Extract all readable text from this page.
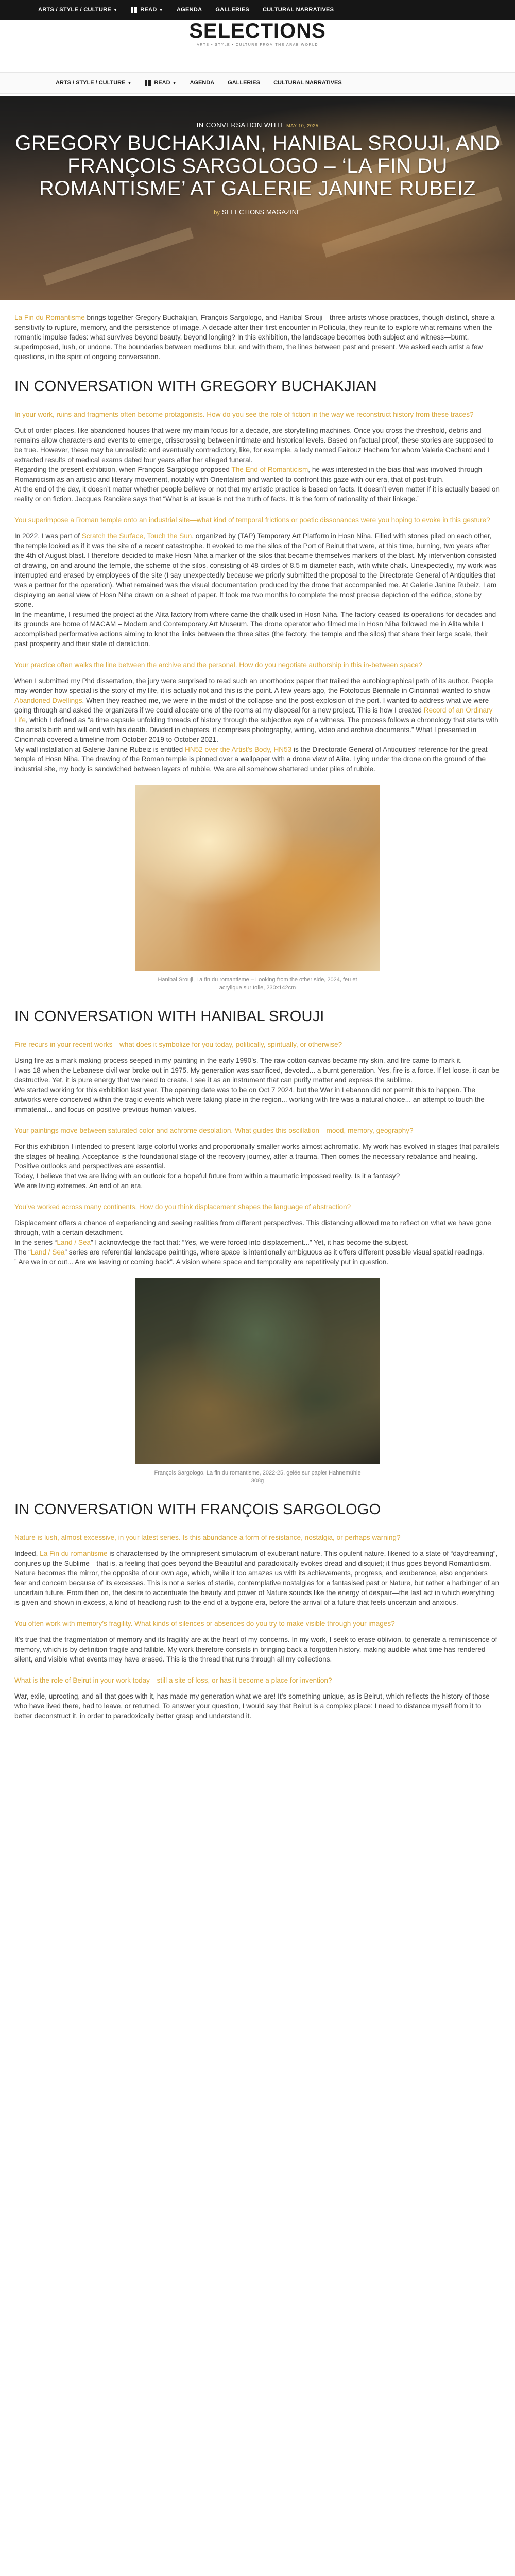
ARTS / STYLE / CULTURE ▼	READ ▼ AGENDA GALLERIES CULTURAL NARRATIVES
SELECTIONS
ARTS • STYLE • CULTURE FROM THE ARAB WORLD
ARTS / STYLE / CULTURE ▼	READ ▼ AGENDA GALLERIES CULTURAL NARRATIVES
IN CONVERSATION WITH MAY 10, 2025
GREGORY BUCHAKJIAN, HANIBAL SROUJI, AND FRANÇOIS SARGOLOGO – ‘LA FIN DU ROMANTISME’ AT GALERIE JANINE RUBEIZ
by SELECTIONS MAGAZINE

La Fin du Romantisme brings together Gregory Buchakjian, François Sargologo, and Hanibal Srouji—three artists whose practices, though distinct, share a sensitivity to rupture, memory, and the persistence of image. A decade after their first encounter in Pollicula, they reunite to explore what remains when the romantic impulse fades: what survives beyond beauty, beyond longing? In this exhibition, the landscape becomes both subject and witness—burnt, superimposed, lush, or undone. The boundaries between mediums blur, and with them, the lines between past and present. We asked each artist a few questions, in the spirit of ongoing conversation.

IN CONVERSATION WITH GREGORY BUCHAKJIAN

In your work, ruins and fragments often become protagonists. How do you see the role of fiction in the way we reconstruct history from these traces?

Out of order places, like abandoned houses that were my main focus for a decade, are storytelling machines. Once you cross the threshold, debris and remains allow characters and events to emerge, crisscrossing between intimate and historical levels. Based on factual proof, these stories are supposed to be true. However, these may be unrealistic and eventually contradictory, like, for example, a lady named Fairouz Hachem for whom Valerie Cachard and I extracted results of medical exams dated four years after her alleged funeral.

Regarding the present exhibition, when François Sargologo proposed The End of Romanticism, he was interested in the bias that was involved through Romanticism as an artistic and literary movement, notably with Orientalism and wanted to confront this gaze with our era, that of post-truth.

At the end of the day, it doesn’t matter whether people believe or not that my artistic practice is based on facts. It doesn’t even matter if it is actually based on reality or on fiction. Jacques Rancière says that “What is at issue is not the truth of facts. It is the form of rationality of their linkage.”

You superimpose a Roman temple onto an industrial site—what kind of temporal frictions or poetic dissonances were you hoping to evoke in this gesture?

In 2022, I was part of Scratch the Surface, Touch the Sun, organized by (TAP) Temporary Art Platform in Hosn Niha. Filled with stones piled on each other, the temple looked as if it was the site of a recent catastrophe. It evoked to me the silos of the Port of Beirut that were, at this time, burning, two years after the 4th of August blast. I therefore decided to make Hosn Niha a marker of the silos that became themselves markers of the blast. My intervention consisted of drawing, on and around the temple, the scheme of the silos, consisting of 48 circles of 8.5 m diameter each, with white chalk. Unexpectedly, my work was interrupted and erased by employees of the site (I say unexpectedly because we priorly submitted the proposal to the Directorate General of Antiquities that was a partner for the operation). What remained was the visual documentation produced by the drone that accompanied me. At Galerie Janine Rubeiz, I am displaying an aerial view of Hosn Niha drawn on a sheet of paper. It took me two months to complete the most precise depiction of the edifice, stone by stone.

In the meantime, I resumed the project at the Alita factory from where came the chalk used in Hosn Niha. The factory ceased its operations for decades and its grounds are home of MACAM – Modern and Contemporary Art Museum. The drone operator who filmed me in Hosn Niha followed me in Alita while I accomplished performative actions aiming to knot the links between the three sites (the factory, the temple and the silos) that share their large scale, their past prosperity and their state of dereliction.

Your practice often walks the line between the archive and the personal. How do you negotiate authorship in this in-between space?

When I submitted my Phd dissertation, the jury were surprised to read such an unorthodox paper that trailed the autobiographical path of its author. People may wonder how special is the story of my life, it is actually not and this is the point. A few years ago, the Fotofocus Biennale in Cincinnati wanted to show Abandoned Dwellings. When they reached me, we were in the midst of the collapse and the post-explosion of the port. I wanted to address what we were going through and asked the organizers if we could allocate one of the rooms at my disposal for a new project. This is how I created Record of an Ordinary Life, which I defined as “a time capsule unfolding threads of history through the subjective eye of a witness. The process follows a chronology that starts with the artist’s birth and will end with his death. Divided in chapters, it comprises photography, writing, video and archive documents.” What I presented in Cincinnati covered a timeline from October 2019 to October 2021.

My wall installation at Galerie Janine Rubeiz is entitled HN52 over the Artist’s Body, HN53 is the Directorate General of Antiquities’ reference for the great temple of Hosn Niha. The drawing of the Roman temple is pinned over a wallpaper with a drone view of Alita. Lying under the drone on the ground of the industrial site, my body is sandwiched between layers of rubble. We are all somehow shattered under piles of rubble.

Hanibal Srouji, La fin du romantisme – Looking from the other side, 2024, feu et acrylique sur toile, 230x142cm
IN CONVERSATION WITH HANIBAL SROUJI

Fire recurs in your recent works—what does it symbolize for you today, politically, spiritually, or otherwise?

Using fire as a mark making process seeped in my painting in the early 1990’s. The raw cotton canvas became my skin, and fire came to mark it.

I was 18 when the Lebanese civil war broke out in 1975. My generation was sacrificed, devoted... a burnt generation. Yes, fire is a force. If let loose, it can be destructive. Yet, it is pure energy that we need to create. I see it as an instrument that can purify matter and express the sublime.

We started working for this exhibition last year. The opening date was to be on Oct 7 2024, but the War in Lebanon did not permit this to happen. The artworks were conceived within the tragic events which were taking place in the region... working with fire was a natural choice... an attempt to touch the immaterial... and focus on positive previous human values.

Your paintings move between saturated color and achrome desolation. What guides this oscillation—mood, memory, geography?

For this exhibition I intended to present large colorful works and proportionally smaller works almost achromatic. My work has evolved in stages that parallels the stages of healing. Acceptance is the foundational stage of the recovery journey, after a trauma. Then comes the necessary rebalance and healing. Positive outlooks and perspectives are essential.

Today, I believe that we are living with an outlook for a hopeful future from within a traumatic impossed reality. Is it a fantasy?

We are living extremes. An end of an era.

You’ve worked across many continents. How do you think displacement shapes the language of abstraction?

Displacement offers a chance of experiencing and seeing realities from different perspectives. This distancing allowed me to reflect on what we have gone through, with a certain detachment.

In the series “Land / Sea” I acknowledge the fact that: “Yes, we were forced into displacement...” Yet, it has become the subject.

The “Land / Sea” series are referential landscape paintings, where space is intentionally ambiguous as it offers different possible visual spatial readings.

” Are we in or out... Are we leaving or coming back”. A vision where space and temporality are repetitively put in question.

François Sargologo, La fin du romantisme, 2022-25, gelée sur papier Hahnemühle 308g
IN CONVERSATION WITH FRANÇOIS SARGOLOGO

Nature is lush, almost excessive, in your latest series. Is this abundance a form of resistance, nostalgia, or perhaps warning?

Indeed, La Fin du romantisme is characterised by the omnipresent simulacrum of exuberant nature. This opulent nature, likened to a state of “daydreaming”, conjures up the Sublime—that is, a feeling that goes beyond the Beautiful and paradoxically evokes dread and disquiet; it thus goes beyond Romanticism. Nature becomes the mirror, the opposite of our own age, which, while it too amazes us with its achievements, progress, and exuberance, also engenders fear and concern because of its excesses. This is not a series of sterile, contemplative nostalgias for a fantasised past or Nature, but rather a harbinger of an uncertain future. From then on, the desire to accentuate the beauty and power of Nature sounds like the energy of despair—the last act in which everything is given and shown in excess, a kind of headlong rush to the end of a bygone era, before the arrival of a future that feels uncertain and anxious.

You often work with memory’s fragility. What kinds of silences or absences do you try to make visible through your images?

It’s true that the fragmentation of memory and its fragility are at the heart of my concerns. In my work, I seek to erase oblivion, to generate a reminiscence of memory, which is by definition fragile and fallible. My work therefore consists in bringing back a forgotten history, making audible what time has rendered silent, and visible what events may have erased. This is the thread that runs through all my collections.

What is the role of Beirut in your work today—still a site of loss, or has it become a place for invention?

War, exile, uprooting, and all that goes with it, has made my generation what we are! It’s something unique, as is Beirut, which reflects the history of those who have lived there, had to leave, or returned. To answer your question, I would say that Beirut is a complex place: I need to distance myself from it to better deconstruct it, in order to paradoxically better grasp and understand it.
